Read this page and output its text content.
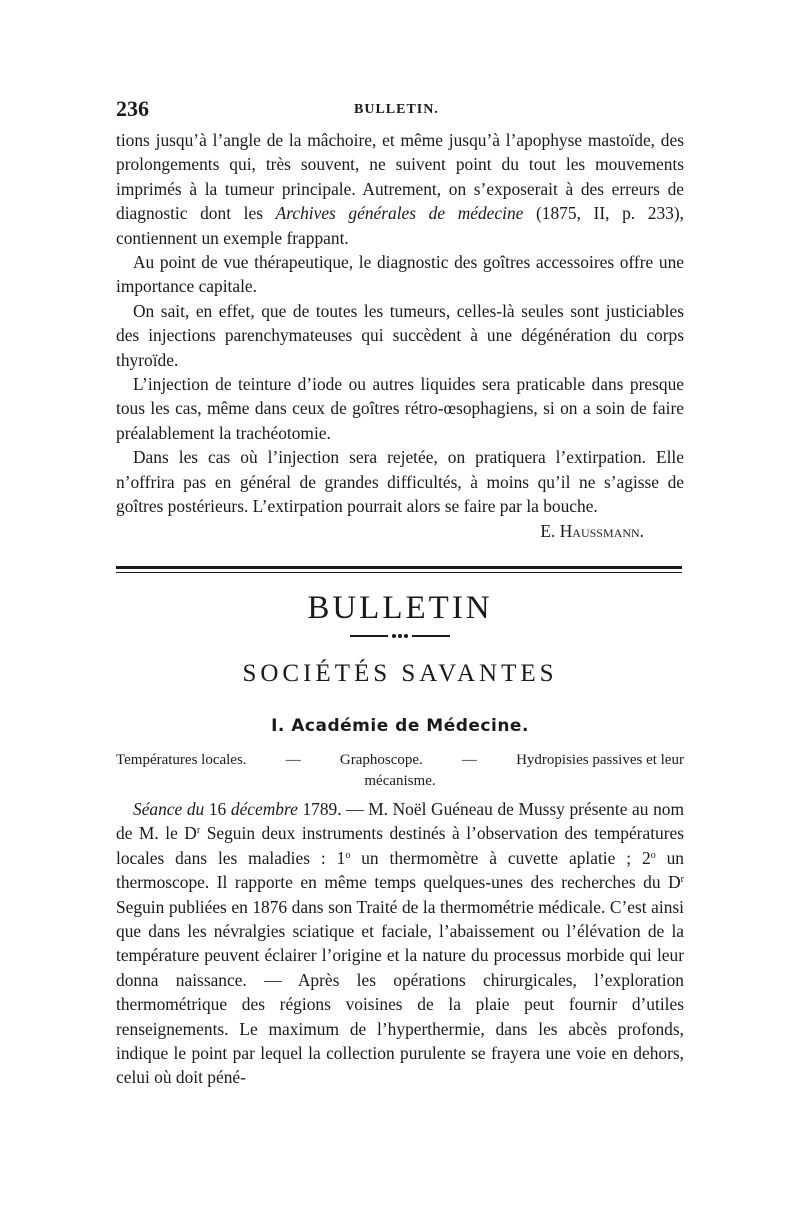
236	BULLETIN.

tions jusqu’à l’angle de la mâchoire, et même jusqu’à l’apophyse mastoïde, des prolongements qui, très souvent, ne suivent point du tout les mouvements imprimés à la tumeur principale. Autrement, on s’exposerait à des erreurs de diagnostic dont les Archives générales de médecine (1875, II, p. 233), contiennent un exemple frappant.

Au point de vue thérapeutique, le diagnostic des goîtres accessoires offre une importance capitale.

On sait, en effet, que de toutes les tumeurs, celles-là seules sont justiciables des injections parenchymateuses qui succèdent à une dégénération du corps thyroïde.

L’injection de teinture d’iode ou autres liquides sera praticable dans presque tous les cas, même dans ceux de goîtres rétro-œsophagiens, si on a soin de faire préalablement la trachéotomie.

Dans les cas où l’injection sera rejetée, on pratiquera l’extirpation. Elle n’offrira pas en général de grandes difficultés, à moins qu’il ne s’agisse de goîtres postérieurs. L’extirpation pourrait alors se faire par la bouche.

E. Haussmann.
BULLETIN
SOCIÉTÉS SAVANTES
I. Académie de Médecine.
Températures locales.	—	Graphoscope.	—	Hydropisies passives et leur
mécanisme.

Séance du 16 décembre 1789. — M. Noël Guéneau de Mussy présente au nom de M. le $D^r$ Seguin deux instruments destinés à l’observation des températures locales dans les maladies : 1$^o$ un thermomètre à cuvette aplatie ; 2$^o$ un thermoscope. Il rapporte en même temps quelques-unes des recherches du $D^r$ Seguin publiées en 1876 dans son Traité de la thermométrie médicale. C’est ainsi que dans les névralgies sciatique et faciale, l’abaissement ou l’élévation de la température peuvent éclairer l’origine et la nature du processus morbide qui leur donna naissance. — Après les opérations chirurgicales, l’exploration thermométrique des régions voisines de la plaie peut fournir d’utiles renseignements. Le maximum de l’hyperthermie, dans les abcès profonds, indique le point par lequel la collection purulente se frayera une voie en dehors, celui où doit péné-
